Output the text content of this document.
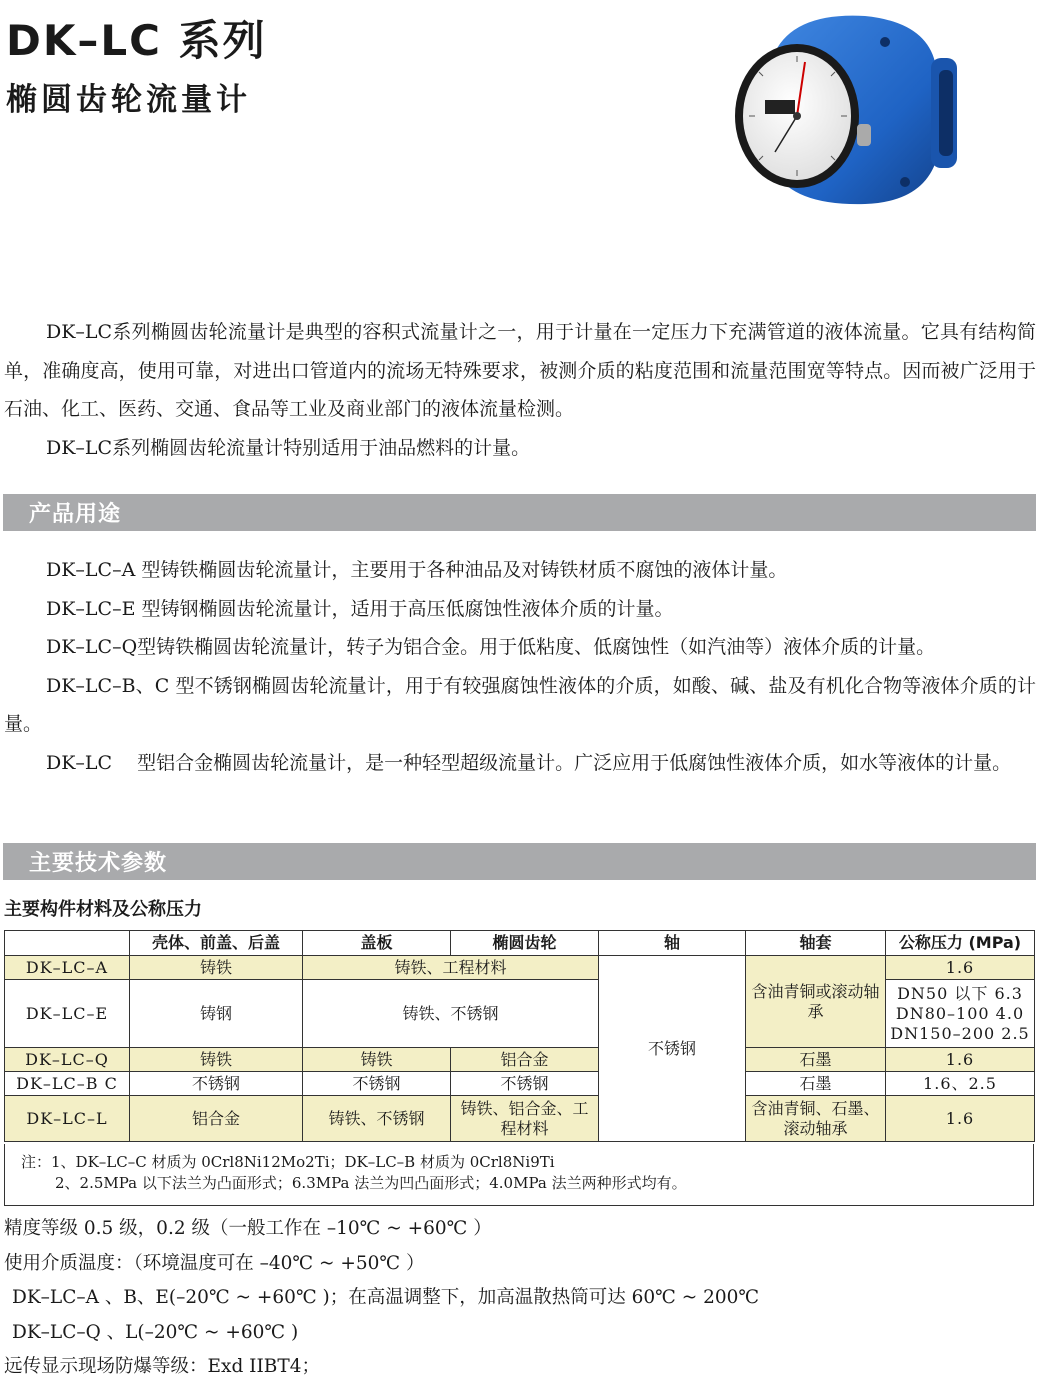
DK–LC 系列
椭圆齿轮流量计

DK–LC系列椭圆齿轮流量计是典型的容积式流量计之一，用于计量在一定压力下充满管道的液体流量。它具有结构简单，准确度高，使用可靠，对进出口管道内的流场无特殊要求，被测介质的粘度范围和流量范围宽等特点。因而被广泛用于石油、化工、医药、交通、食品等工业及商业部门的液体流量检测。

DK–LC系列椭圆齿轮流量计特别适用于油品燃料的计量。

产品用途

DK–LC–A 型铸铁椭圆齿轮流量计，主要用于各种油品及对铸铁材质不腐蚀的液体计量。

DK–LC–E 型铸钢椭圆齿轮流量计，适用于高压低腐蚀性液体介质的计量。

DK–LC–Q型铸铁椭圆齿轮流量计，转子为铝合金。用于低粘度、低腐蚀性（如汽油等）液体介质的计量。

DK–LC–B、C 型不锈钢椭圆齿轮流量计，用于有较强腐蚀性液体的介质，如酸、碱、盐及有机化合物等液体介质的计量。

DK–LC　 型铝合金椭圆齿轮流量计，是一种轻型超级流量计。广泛应用于低腐蚀性液体介质，如水等液体的计量。

主要技术参数
主要构件材料及公称压力
	壳体、前盖、后盖	盖板	椭圆齿轮	轴	轴套	公称压力 (MPa)
DK–LC–A	铸铁	铸铁、工程材料		不锈钢	含油青铜或滚动轴承	1.6
DK–LC–E	铸钢	铸铁、不锈钢				DN50 以下 6.3
DN80–100 4.0
DN150–200 2.5

DK–LC–Q	铸铁	铸铁	铝合金		石墨	1.6
DK–LC–B C	不锈钢	不锈钢	不锈钢		石墨	1.6、2.5
DK–LC–L	铝合金	铸铁、不锈钢	铸铁、铝合金、工程材料		含油青铜、石墨、滚动轴承	1.6
注：1、DK–LC–C 材质为 0Crl8Ni12Mo2Ti；DK–LC–B 材质为 0Crl8Ni9Ti
2、2.5MPa 以下法兰为凸面形式；6.3MPa 法兰为凹凸面形式；4.0MPa 法兰两种形式均有。

精度等级 0.5 级，0.2 级（一般工作在 –10℃ ~ +60℃ ）

使用介质温度：（环境温度可在 –40℃ ~ +50℃ ）

DK–LC–A 、B、E(–20℃ ~ +60℃ )；在高温调整下，加高温散热筒可达 60℃ ~ 200℃

DK–LC–Q 、L(–20℃ ~ +60℃ )

远传显示现场防爆等级：Exd IIBT4；
